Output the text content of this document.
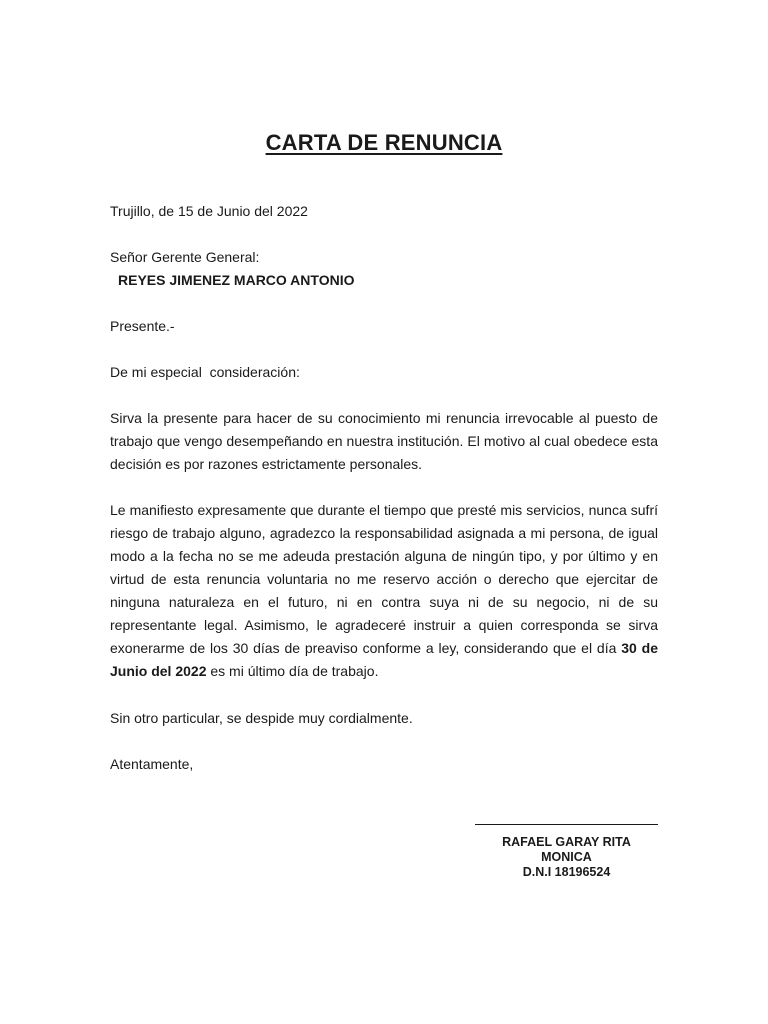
CARTA DE RENUNCIA
Trujillo, de 15 de Junio del 2022
Señor Gerente General:
REYES JIMENEZ MARCO ANTONIO
Presente.-
De mi especial  consideración:
Sirva la presente para hacer de su conocimiento mi renuncia irrevocable al puesto de trabajo que vengo desempeñando en nuestra institución. El motivo al cual obedece esta decisión es por razones estrictamente personales.
Le manifiesto expresamente que durante el tiempo que presté mis servicios, nunca sufrí riesgo de trabajo alguno, agradezco la responsabilidad asignada a mi persona, de igual modo a la fecha no se me adeuda prestación alguna de ningún tipo, y por último y en virtud de esta renuncia voluntaria no me reservo acción o derecho que ejercitar de ninguna naturaleza en el futuro, ni en contra suya ni de su negocio, ni de su representante legal. Asimismo, le agradeceré instruir a quien corresponda se sirva exonerarme de los 30 días de preaviso conforme a ley, considerando que el día 30 de Junio del 2022 es mi último día de trabajo.
Sin otro particular, se despide muy cordialmente.
Atentamente,
RAFAEL GARAY RITA
MONICA
D.N.I 18196524
